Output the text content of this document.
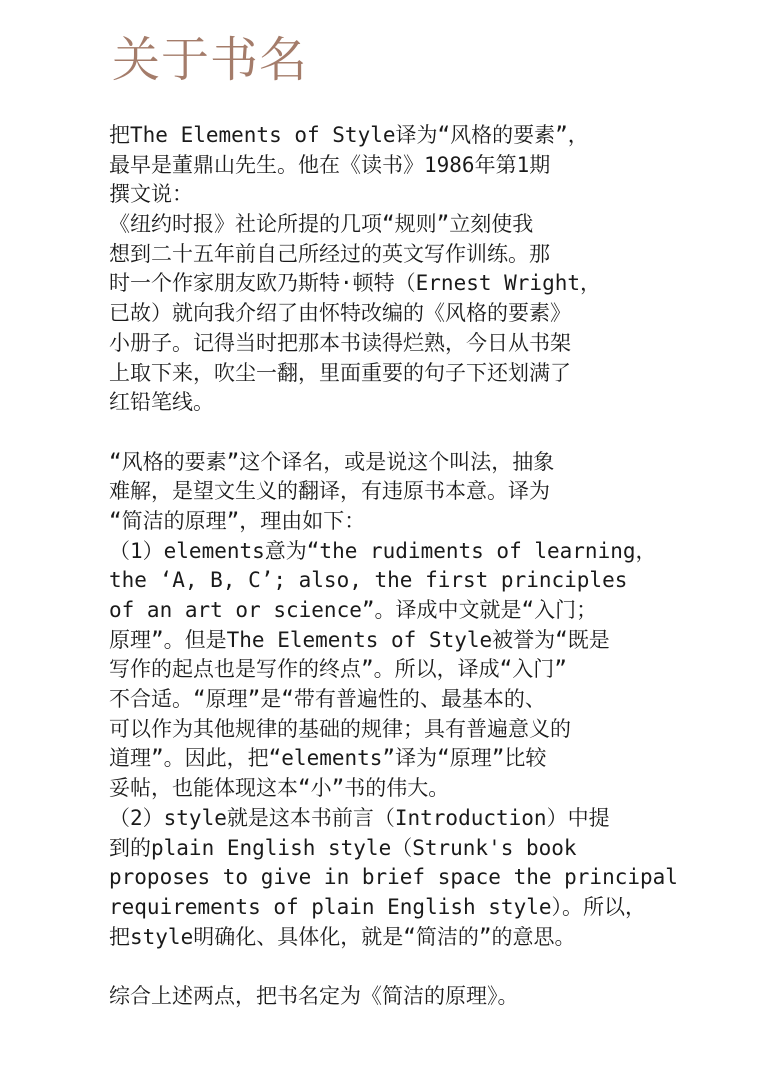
关于书名
把The Elements of Style译为“风格的要素”，
最早是董鼎山先生。他在《读书》1986年第1期
撰文说：
《纽约时报》社论所提的几项“规则”立刻使我
想到二十五年前自己所经过的英文写作训练。那
时一个作家朋友欧乃斯特·顿特（Ernest Wright，
已故）就向我介绍了由怀特改编的《风格的要素》
小册子。记得当时把那本书读得烂熟，今日从书架
上取下来，吹尘一翻，里面重要的句子下还划满了
红铅笔线。
“风格的要素”这个译名，或是说这个叫法，抽象
难解，是望文生义的翻译，有违原书本意。译为
“简洁的原理”，理由如下：
（1）elements意为“the rudiments of learning，
the ‘A, B, C’; also, the first principles
of an art or science”。译成中文就是“入门；
原理”。但是The Elements of Style被誉为“既是
写作的起点也是写作的终点”。所以，译成“入门”
不合适。“原理”是“带有普遍性的、最基本的、
可以作为其他规律的基础的规律；具有普遍意义的
道理”。因此，把“elements”译为“原理”比较
妥帖，也能体现这本“小”书的伟大。
（2）style就是这本书前言（Introduction）中提
到的plain English style（Strunk's book
proposes to give in brief space the principal
requirements of plain English style）。所以，
把style明确化、具体化，就是“简洁的”的意思。
综合上述两点，把书名定为《简洁的原理》。
